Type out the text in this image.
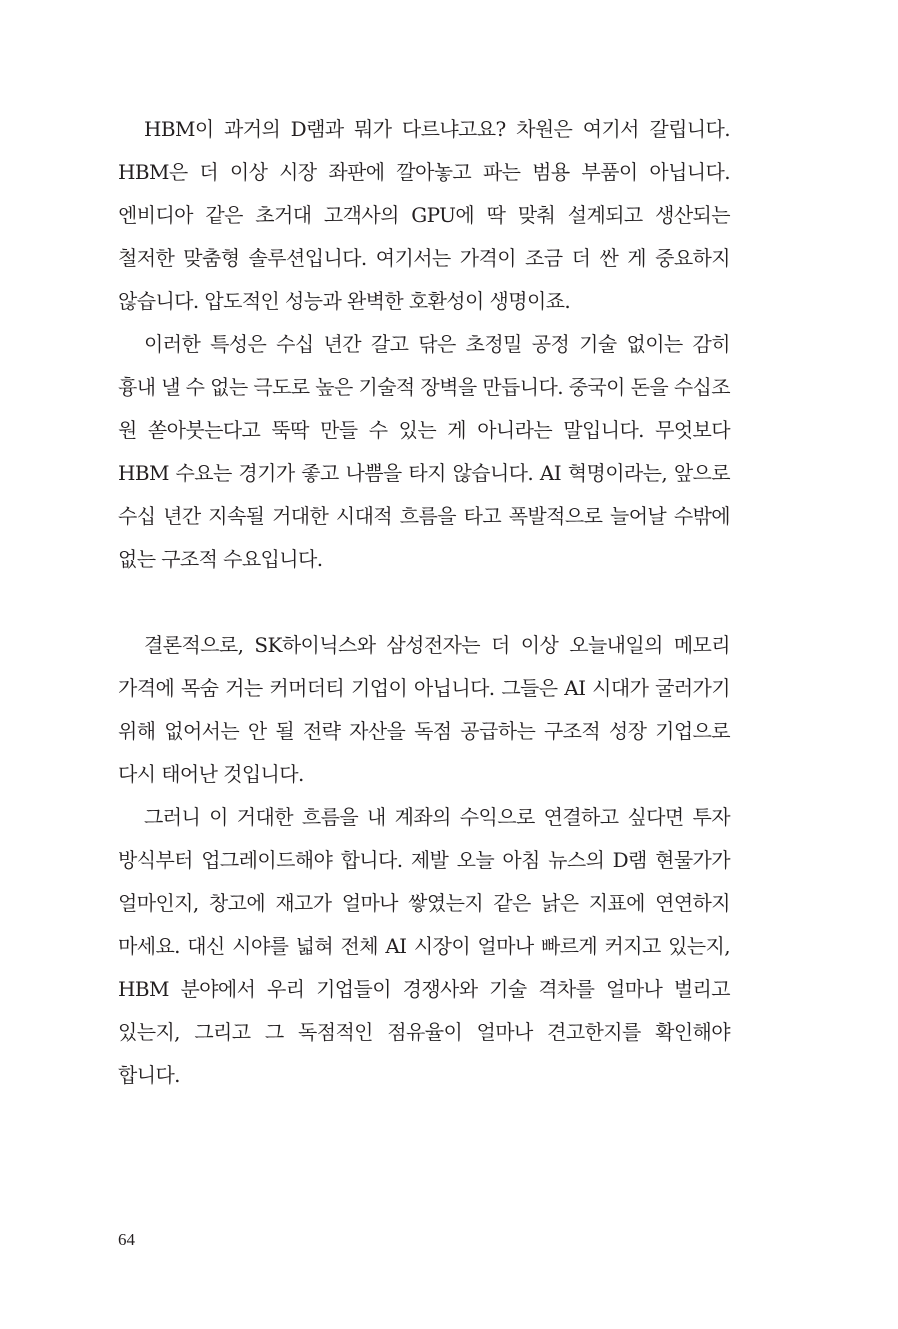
HBM이 과거의 D램과 뭐가 다르냐고요? 차원은 여기서 갈립니다. HBM은 더 이상 시장 좌판에 깔아놓고 파는 범용 부품이 아닙니다. 엔비디아 같은 초거대 고객사의 GPU에 딱 맞춰 설계되고 생산되는 철저한 맞춤형 솔루션입니다. 여기서는 가격이 조금 더 싼 게 중요하지 않습니다. 압도적인 성능과 완벽한 호환성이 생명이죠.

이러한 특성은 수십 년간 갈고 닦은 초정밀 공정 기술 없이는 감히 흉내 낼 수 없는 극도로 높은 기술적 장벽을 만듭니다. 중국이 돈을 수십조 원 쏟아붓는다고 뚝딱 만들 수 있는 게 아니라는 말입니다. 무엇보다 HBM 수요는 경기가 좋고 나쁨을 타지 않습니다. AI 혁명이라는, 앞으로 수십 년간 지속될 거대한 시대적 흐름을 타고 폭발적으로 늘어날 수밖에 없는 구조적 수요입니다.

결론적으로, SK하이닉스와 삼성전자는 더 이상 오늘내일의 메모리 가격에 목숨 거는 커머더티 기업이 아닙니다. 그들은 AI 시대가 굴러가기 위해 없어서는 안 될 전략 자산을 독점 공급하는 구조적 성장 기업으로 다시 태어난 것입니다.

그러니 이 거대한 흐름을 내 계좌의 수익으로 연결하고 싶다면 투자 방식부터 업그레이드해야 합니다. 제발 오늘 아침 뉴스의 D램 현물가가 얼마인지, 창고에 재고가 얼마나 쌓였는지 같은 낡은 지표에 연연하지 마세요. 대신 시야를 넓혀 전체 AI 시장이 얼마나 빠르게 커지고 있는지, HBM 분야에서 우리 기업들이 경쟁사와 기술 격차를 얼마나 벌리고 있는지, 그리고 그 독점적인 점유율이 얼마나 견고한지를 확인해야 합니다.

64
